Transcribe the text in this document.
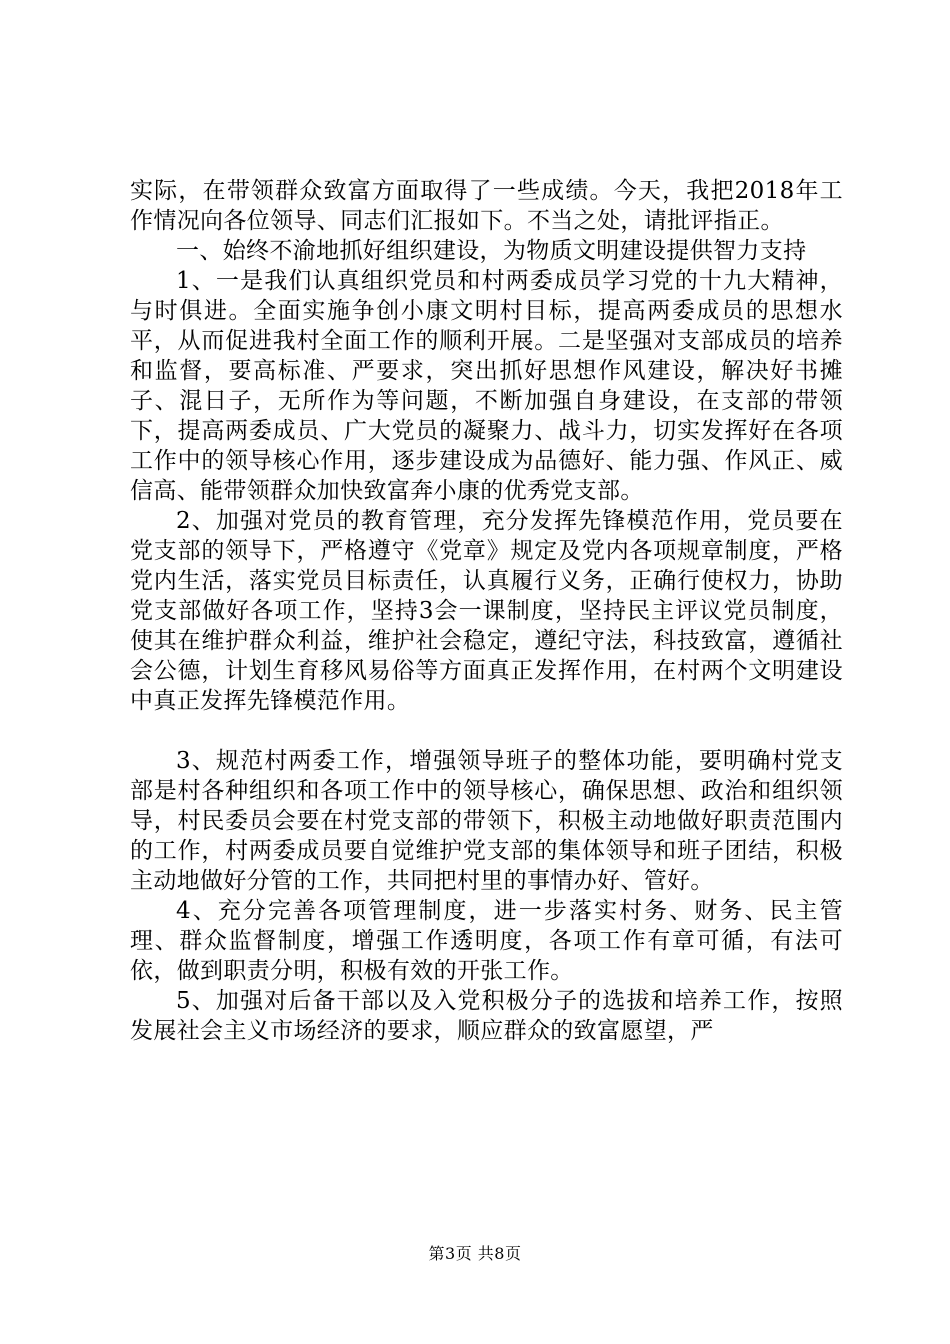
实际，在带领群众致富方面取得了一些成绩。今天，我把2018年工作情况向各位领导、同志们汇报如下。不当之处，请批评指正。

一、始终不渝地抓好组织建设，为物质文明建设提供智力支持

1、一是我们认真组织党员和村两委成员学习党的十九大精神，与时俱进。全面实施争创小康文明村目标，提高两委成员的思想水平，从而促进我村全面工作的顺利开展。二是坚强对支部成员的培养和监督，要高标准、严要求，突出抓好思想作风建设，解决好书摊子、混日子，无所作为等问题，不断加强自身建设，在支部的带领下，提高两委成员、广大党员的凝聚力、战斗力，切实发挥好在各项工作中的领导核心作用，逐步建设成为品德好、能力强、作风正、威信高、能带领群众加快致富奔小康的优秀党支部。

2、加强对党员的教育管理，充分发挥先锋模范作用，党员要在党支部的领导下，严格遵守《党章》规定及党内各项规章制度，严格党内生活，落实党员目标责任，认真履行义务，正确行使权力，协助党支部做好各项工作，坚持3会一课制度，坚持民主评议党员制度，使其在维护群众利益，维护社会稳定，遵纪守法，科技致富，遵循社会公德，计划生育移风易俗等方面真正发挥作用，在村两个文明建设中真正发挥先锋模范作用。

3、规范村两委工作，增强领导班子的整体功能，要明确村党支部是村各种组织和各项工作中的领导核心，确保思想、政治和组织领导，村民委员会要在村党支部的带领下，积极主动地做好职责范围内的工作，村两委成员要自觉维护党支部的集体领导和班子团结，积极主动地做好分管的工作，共同把村里的事情办好、管好。

4、充分完善各项管理制度，进一步落实村务、财务、民主管理、群众监督制度，增强工作透明度，各项工作有章可循，有法可依，做到职责分明，积极有效的开张工作。

5、加强对后备干部以及入党积极分子的选拔和培养工作，按照发展社会主义市场经济的要求，顺应群众的致富愿望，严

第3页 共8页
